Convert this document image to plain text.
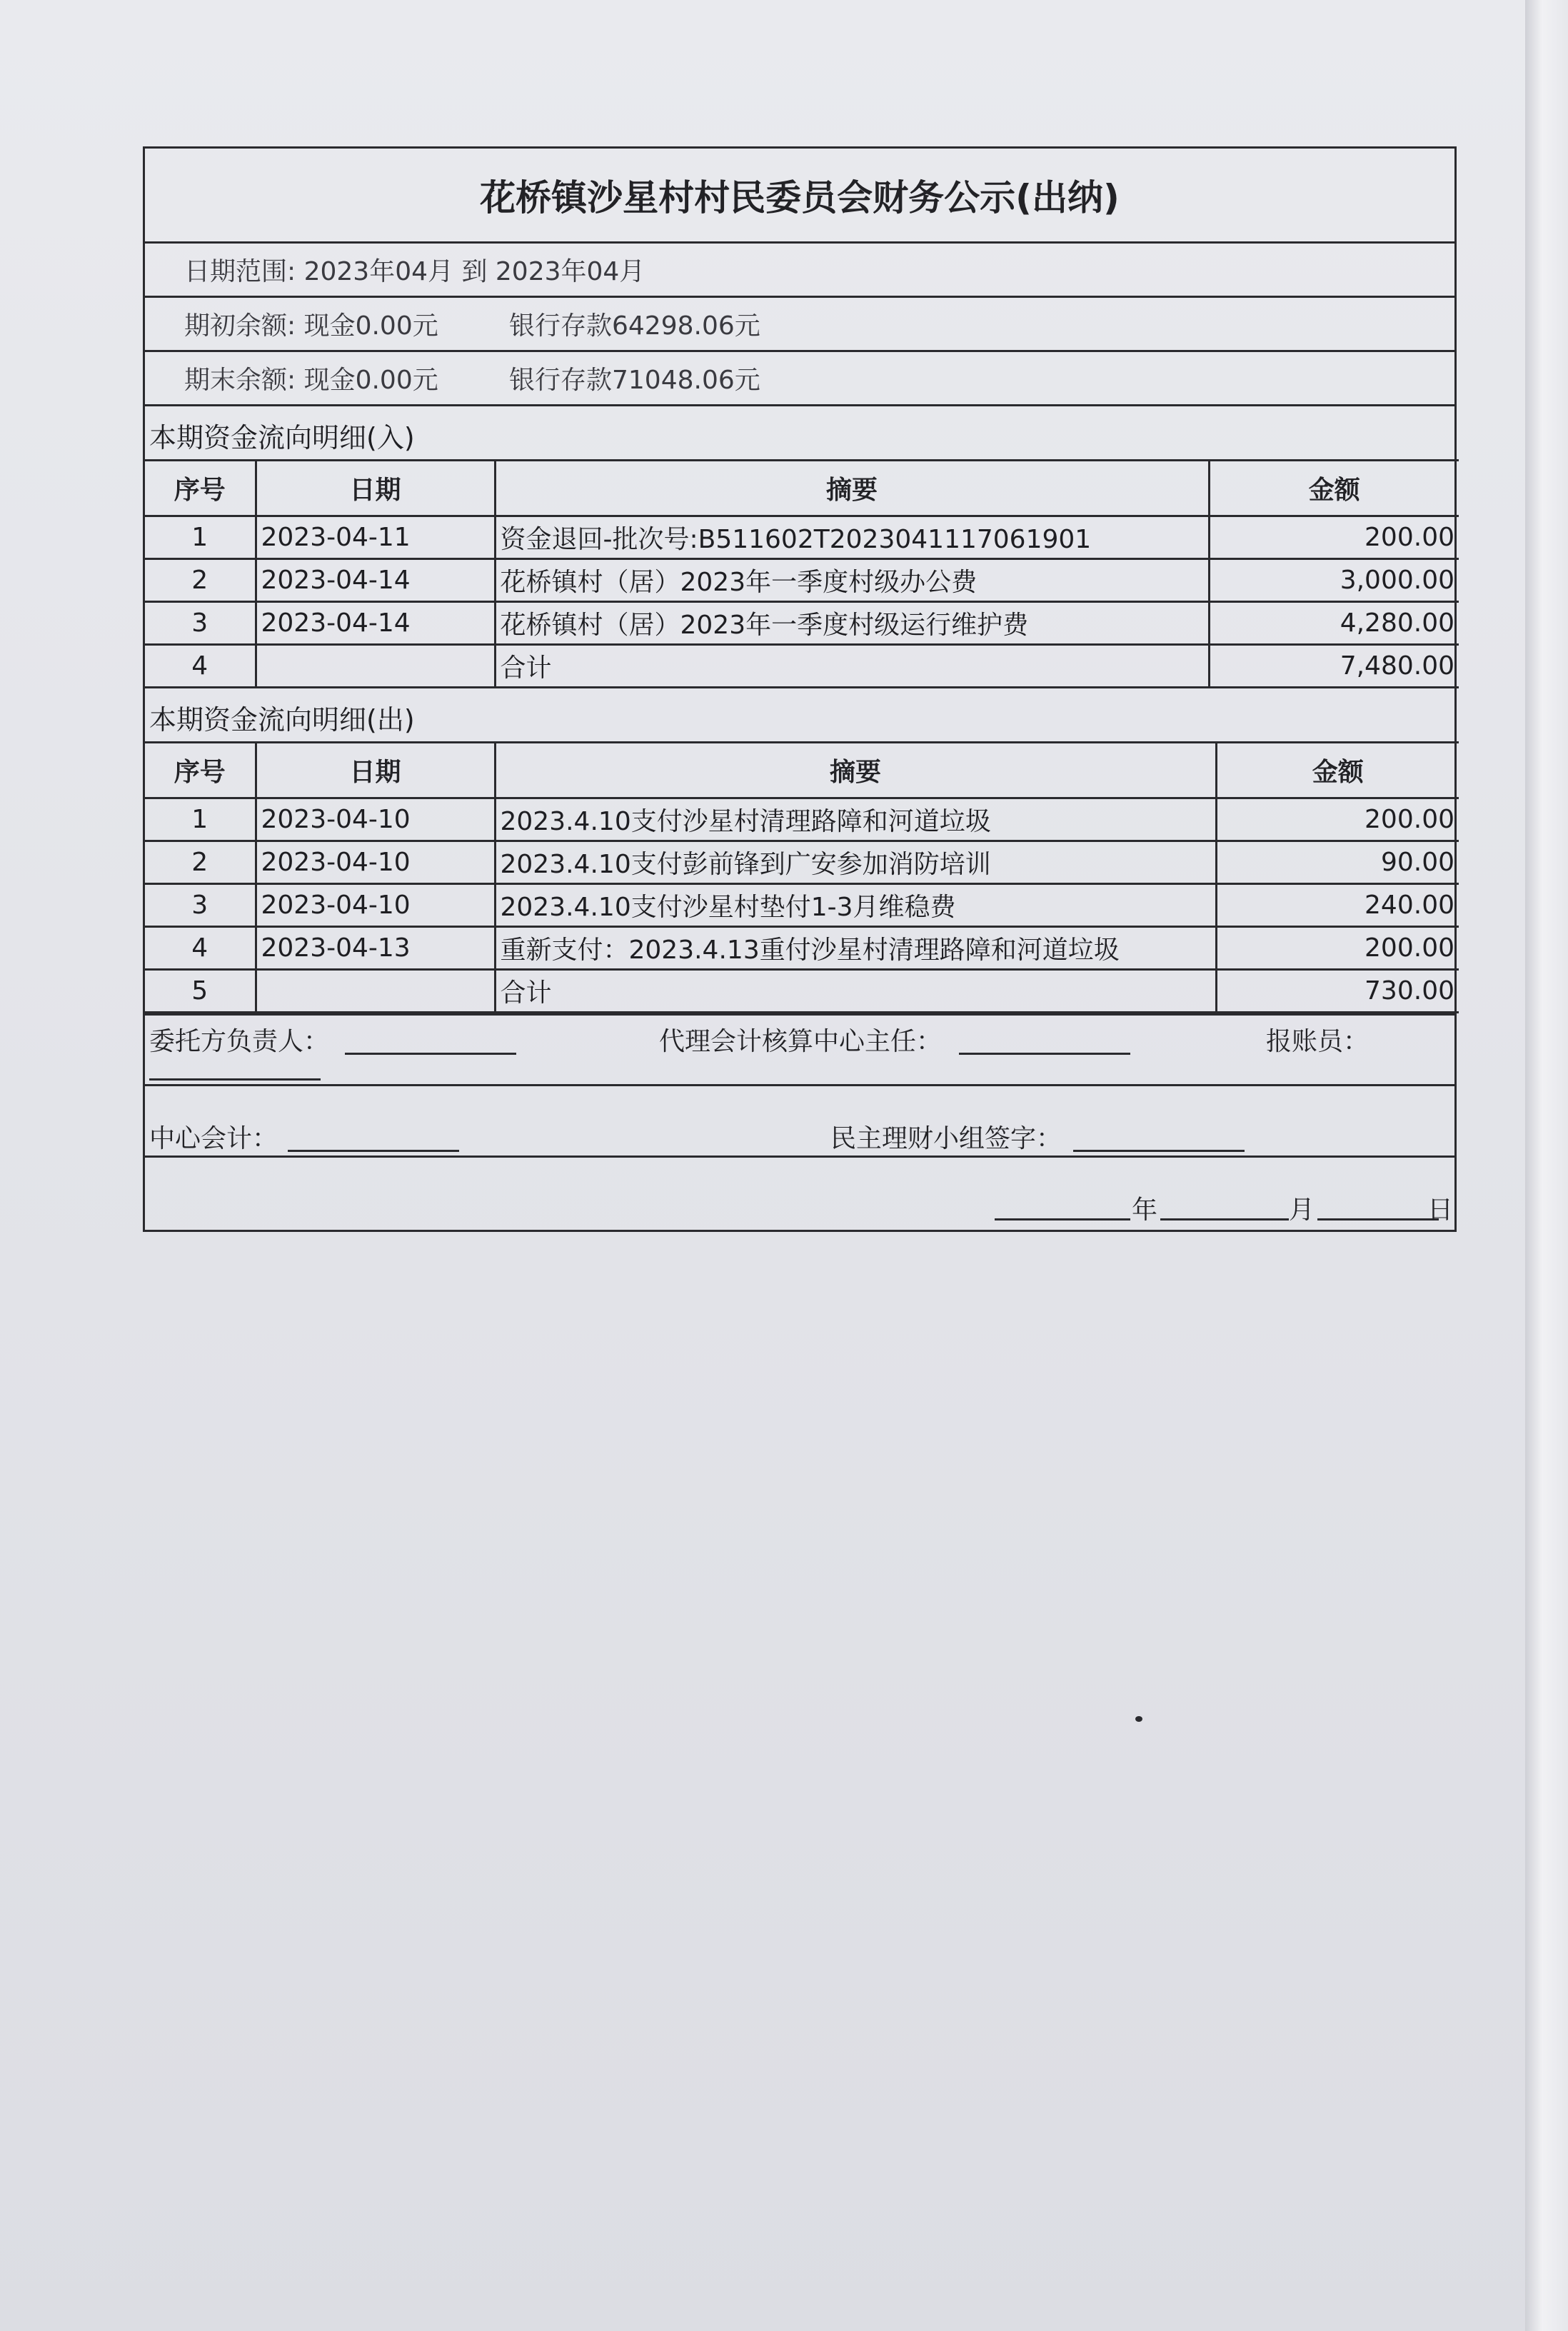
花桥镇沙星村村民委员会财务公示(出纳)
日期范围: 2023年04月 到 2023年04月
期初余额: 现金0.00元	银行存款64298.06元
期末余额: 现金0.00元	银行存款71048.06元
本期资金流向明细(入)
序号	日期	摘要	金额
1	2023-04-11	资金退回-批次号:B511602T2023041117061901	200.00
2	2023-04-14	花桥镇村（居）2023年一季度村级办公费	3,000.00
3	2023-04-14	花桥镇村（居）2023年一季度村级运行维护费	4,280.00
4		合计	7,480.00
本期资金流向明细(出)
序号	日期	摘要	金额
1	2023-04-10	2023.4.10支付沙星村清理路障和河道垃圾	200.00
2	2023-04-10	2023.4.10支付彭前锋到广安参加消防培训	90.00
3	2023-04-10	2023.4.10支付沙星村垫付1-3月维稳费	240.00
4	2023-04-13	重新支付：2023.4.13重付沙星村清理路障和河道垃圾	200.00
5		合计	730.00
委托方负责人：	代理会计核算中心主任：	报账员：
中心会计：	民主理财小组签字：
年	月	日
